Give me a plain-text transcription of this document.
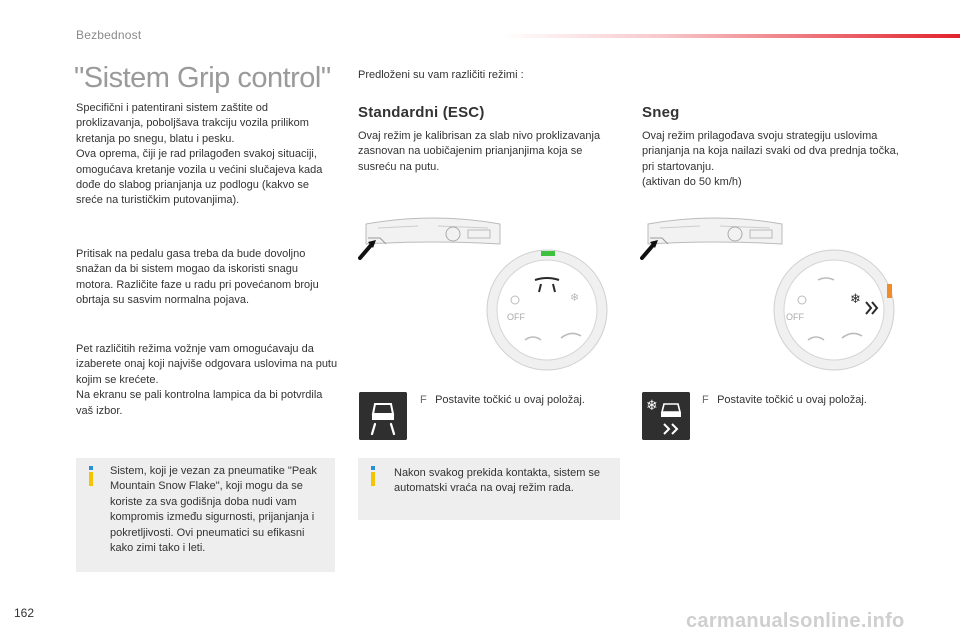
Bezbednost
"Sistem Grip control"
Specifični i patentirani sistem zaštite od proklizavanja, poboljšava trakciju vozila prilikom kretanja po snegu, blatu i pesku.
Ova oprema, čiji je rad prilagođen svakoj situaciji, omogućava kretanje vozila u većini slučajeva kada dođe do slabog prianjanja uz podlogu (kakvo se sreće na turističkim putovanjima).
Pritisak na pedalu gasa treba da bude dovoljno snažan da bi sistem mogao da iskoristi snagu motora. Različite faze u radu pri povećanom broju obrtaja su sasvim normalna pojava.
Pet različitih režima vožnje vam omogućavaju da izaberete onaj koji najviše odgovara uslovima na putu kojim se krećete.
Na ekranu se pali kontrolna lampica da bi potvrdila vaš izbor.
Sistem, koji je vezan za pneumatike "Peak Mountain Snow Flake", koji mogu da se koriste za sva godišnja doba nudi vam kompromis između sigurnosti, prijanjanja i pokretljivosti. Ovi pneumatici su efikasni kako zimi tako i leti.
Predloženi su vam različiti režimi :
Standardni (ESC)
Ovaj režim je kalibrisan za slab nivo proklizavanja zasnovan na uobičajenim prianjanjima koja se susreću na putu.
❄
OFF
F Postavite točkić u ovaj položaj.
Nakon svakog prekida kontakta, sistem se automatski vraća na ovaj režim rada.
Sneg
Ovaj režim prilagođava svoju strategiju uslovima prianjanja na koja nailazi svaki od dva prednja točka, pri startovanju.
(aktivan do 50 km/h)
❄
OFF
❄	F Postavite točkić u ovaj položaj.
162	carmanualsonline.info
